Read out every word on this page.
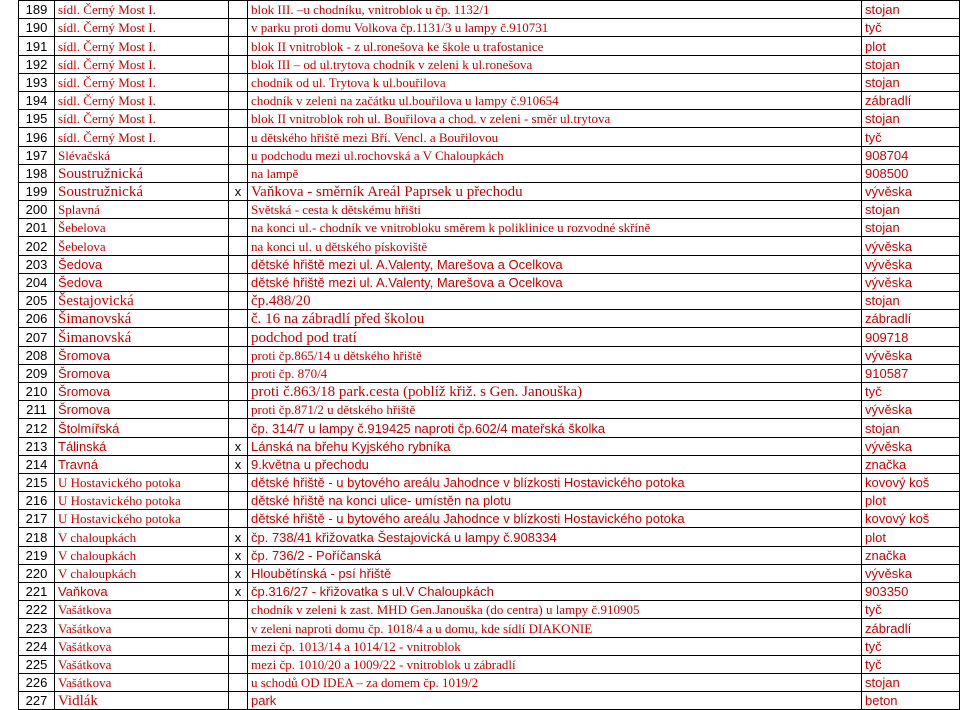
189	sídl. Černý Most I.		blok III. –u chodníku, vnitroblok u čp. 1132/1	stojan
190	sídl. Černý Most I.		v parku proti domu Volkova čp.1131/3 u lampy č.910731	tyč
191	sídl. Černý Most I.		blok II vnitroblok - z ul.ronešova ke škole u trafostanice	plot
192	sídl. Černý Most I.		blok III – od ul.trytova chodník v zeleni k ul.ronešova	stojan
193	sídl. Černý Most I.		chodník od ul. Trytova k ul.bouřilova	stojan
194	sídl. Černý Most I.		chodník v zeleni na začátku ul.bouřilova u lampy č.910654	zábradlí
195	sídl. Černý Most I.		blok II vnitroblok roh ul. Bouřilova a chod. v zeleni - směr ul.trytova	stojan
196	sídl. Černý Most I.		u dětského hřiště mezi Bří. Vencl. a Bouřilovou	tyč
197	Slévačská		u podchodu mezi ul.rochovská a V Chaloupkách	908704
198	Soustružnická		na lampě	908500
199	Soustružnická	x	Vaňkova - směrník Areál Paprsek u přechodu	vývěska
200	Splavná		Světská - cesta k dětskému hřišti	stojan
201	Šebelova		na konci ul.- chodník ve vnitrobloku směrem k poliklinice u rozvodné skříně	stojan
202	Šebelova		na konci ul. u dětského pískoviště	vývěska
203	Šedova		dětské hřiště mezi ul. A.Valenty, Marešova a Ocelkova	vývěska
204	Šedova		dětské hřiště mezi ul. A.Valenty, Marešova a Ocelkova	vývěska
205	Šestajovická		čp.488/20	stojan
206	Šimanovská		č. 16 na zábradlí před školou	zábradlí
207	Šimanovská		podchod pod tratí	909718
208	Šromova		proti čp.865/14 u dětského hřiště	vývěska
209	Šromova		proti čp. 870/4	910587
210	Šromova		proti č.863/18 park.cesta (poblíž křiž. s Gen. Janouška)	tyč
211	Šromova		proti čp.871/2 u dětského hřiště	vývěska
212	Štolmířská		čp. 314/7 u lampy č.919425 naproti čp.602/4 mateřská školka	stojan
213	Tálinská	x	Lánská na břehu Kyjského rybníka	vývěska
214	Travná	x	9.května u přechodu	značka
215	U Hostavického potoka		dětské hřiště - u bytového areálu Jahodnce v blízkosti Hostavického potoka	kovový koš
216	U Hostavického potoka		dětské hřiště na konci ulice- umístěn na plotu	plot
217	U Hostavického potoka		dětské hřiště - u bytového areálu Jahodnce v blízkosti Hostavického potoka	kovový koš
218	V chaloupkách	x	čp. 738/41 křižovatka Šestajovická u lampy č.908334	plot
219	V chaloupkách	x	čp. 736/2 - Poříčanská	značka
220	V chaloupkách	x	Hloubětínská - psí hřiště	vývěska
221	Vaňkova	x	čp.316/27 - křižovatka s ul.V Chaloupkách	903350
222	Vašátkova		chodník v zeleni k zast. MHD Gen.Janouška (do centra) u lampy č.910905	tyč
223	Vašátkova		v zeleni naproti domu čp. 1018/4 a u domu, kde sídlí DIAKONIE	zábradlí
224	Vašátkova		mezi čp. 1013/14 a 1014/12 - vnitroblok	tyč
225	Vašátkova		mezi čp. 1010/20 a 1009/22 - vnitroblok u zábradlí	tyč
226	Vašátkova		u schodů OD IDEA – za domem čp. 1019/2	stojan
227	Vidlák		park	beton
